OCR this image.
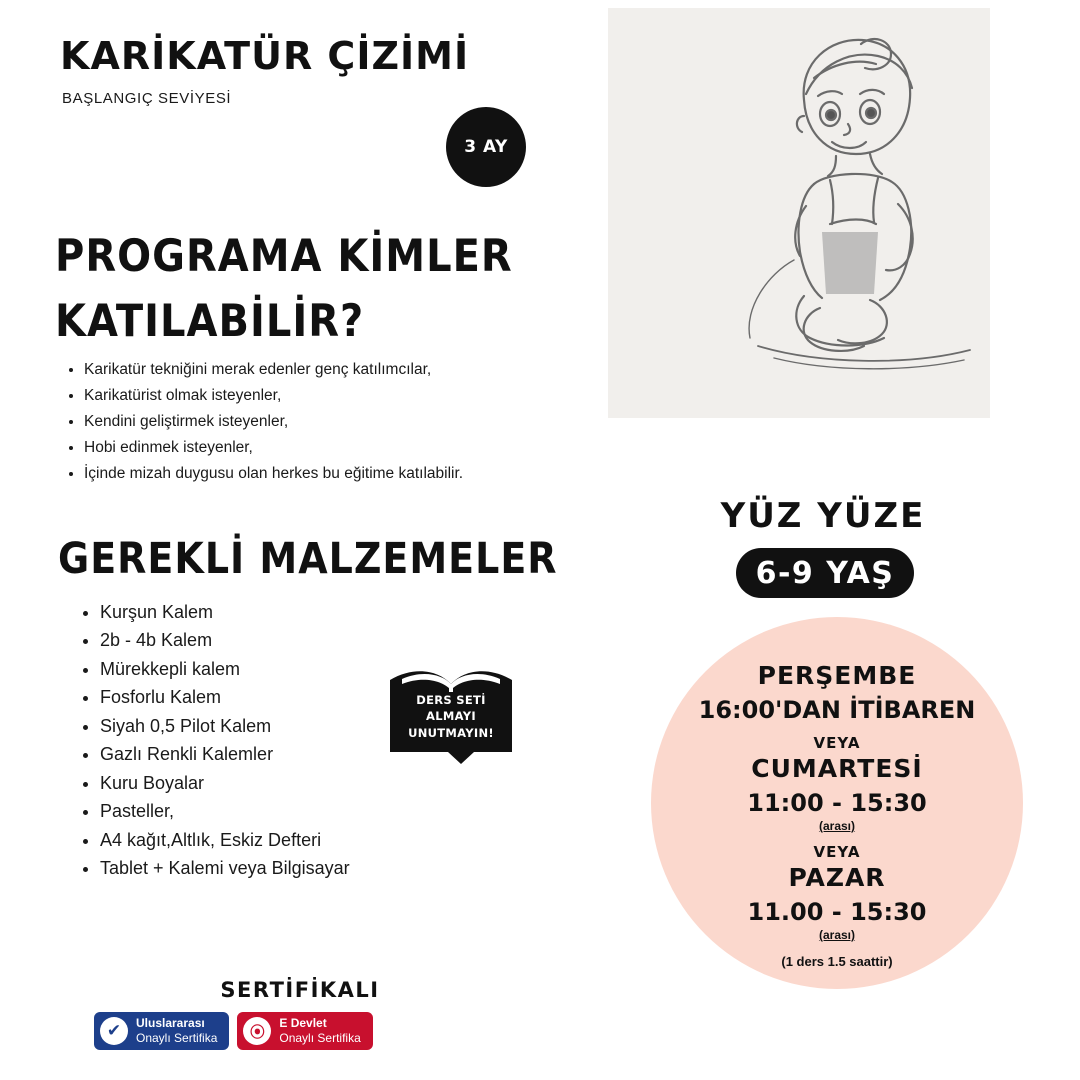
KARİKATÜR ÇİZİMİ
BAŞLANGIÇ SEVİYESİ
3 AY
PROGRAMA KİMLER KATILABİLİR?
• Karikatür tekniğini merak edenler genç katılımcılar,
• Karikatürist olmak isteyenler,
• Kendini geliştirmek isteyenler,
• Hobi edinmek isteyenler,
• İçinde mizah duygusu olan herkes bu eğitime katılabilir.
GEREKLİ MALZEMELER
• Kurşun Kalem
• 2b - 4b Kalem
• Mürekkepli kalem
• Fosforlu Kalem
• Siyah 0,5 Pilot Kalem
• Gazlı Renkli Kalemler
• Kuru Boyalar
• Pasteller,
• A4 kağıt,Altlık, Eskiz Defteri
• Tablet + Kalemi veya Bilgisayar
DERS SETİ
ALMAYI
UNUTMAYIN!
SERTİFİKALI
✔	Uluslararası
Onaylı Sertifika	⦿	E Devlet
Onaylı Sertifika
YÜZ YÜZE
6-9 YAŞ
PERŞEMBE
16:00'DAN İTİBAREN
VEYA
CUMARTESİ
11:00 - 15:30
(arası)
VEYA
PAZAR
11.00 - 15:30
(arası)
(1 ders 1.5 saattir)
